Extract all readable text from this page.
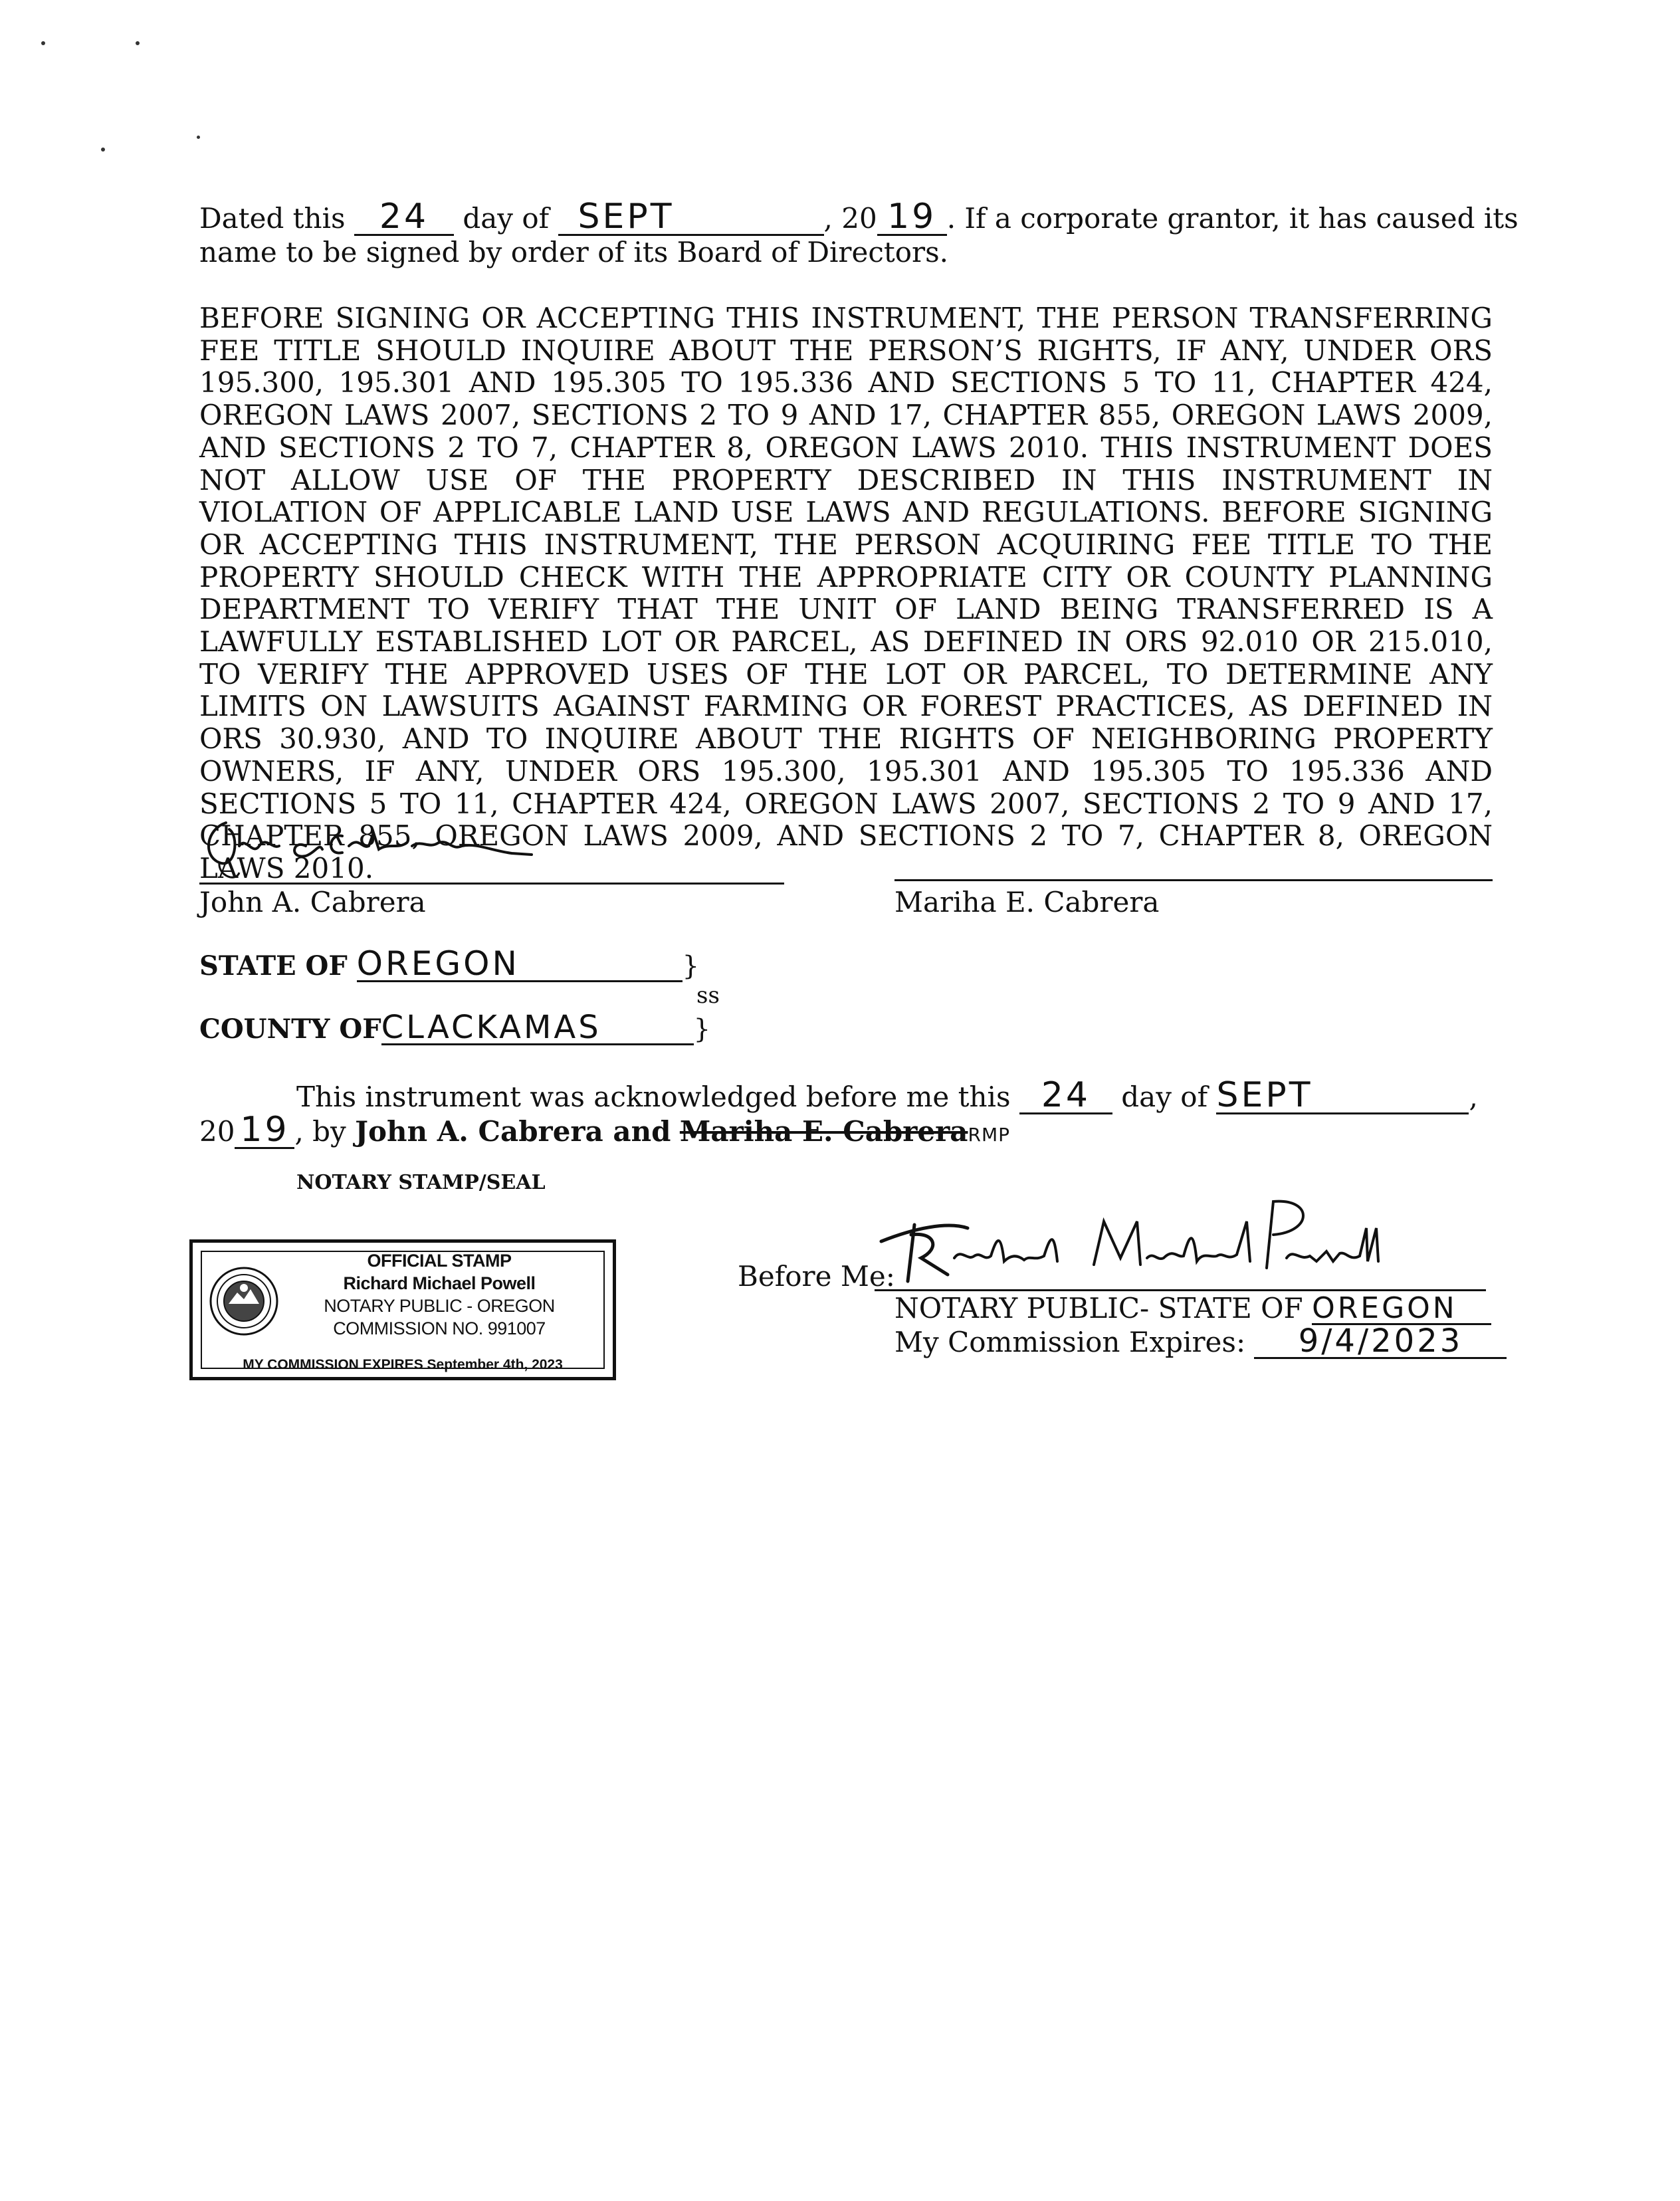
Dated this 24 day of SEPT	, 20 19 . If a corporate grantor, it has caused its
name to be signed by order of its Board of Directors.
BEFORE SIGNING OR ACCEPTING THIS INSTRUMENT, THE PERSON TRANSFERRING FEE TITLE SHOULD INQUIRE ABOUT THE PERSON’S RIGHTS, IF ANY, UNDER ORS 195.300, 195.301 AND 195.305 TO 195.336 AND SECTIONS 5 TO 11, CHAPTER 424, OREGON LAWS 2007, SECTIONS 2 TO 9 AND 17, CHAPTER 855, OREGON LAWS 2009, AND SECTIONS 2 TO 7, CHAPTER 8, OREGON LAWS 2010. THIS INSTRUMENT DOES NOT ALLOW USE OF THE PROPERTY DESCRIBED IN THIS INSTRUMENT IN VIOLATION OF APPLICABLE LAND USE LAWS AND REGULATIONS. BEFORE SIGNING OR ACCEPTING THIS INSTRUMENT, THE PERSON ACQUIRING FEE TITLE TO THE PROPERTY SHOULD CHECK WITH THE APPROPRIATE CITY OR COUNTY PLANNING DEPARTMENT TO VERIFY THAT THE UNIT OF LAND BEING TRANSFERRED IS A LAWFULLY ESTABLISHED LOT OR PARCEL, AS DEFINED IN ORS 92.010 OR 215.010, TO VERIFY THE APPROVED USES OF THE LOT OR PARCEL, TO DETERMINE ANY LIMITS ON LAWSUITS AGAINST FARMING OR FOREST PRACTICES, AS DEFINED IN ORS 30.930, AND TO INQUIRE ABOUT THE RIGHTS OF NEIGHBORING PROPERTY OWNERS, IF ANY, UNDER ORS 195.300, 195.301 AND 195.305 TO 195.336 AND SECTIONS 5 TO 11, CHAPTER 424, OREGON LAWS 2007, SECTIONS 2 TO 9 AND 17, CHAPTER 855, OREGON LAWS 2009, AND SECTIONS 2 TO 7, CHAPTER 8, OREGON LAWS 2010.
John A. Cabrera	Mariha E. Cabrera
STATE OF OREGON	}
ss
COUNTY OFCLACKAMAS	}
This instrument was acknowledged before me this 24 day of SEPT	,
20 19 , by John A. Cabrera and Mariha E. CabreraRMP
NOTARY STAMP/SEAL
OFFICIAL STAMP
Richard Michael Powell
NOTARY PUBLIC - OREGON
COMMISSION NO. 991007
MY COMMISSION EXPIRES September 4th, 2023
Before Me:
NOTARY PUBLIC- STATE OF OREGON
My Commission Expires: 9/4/2023
